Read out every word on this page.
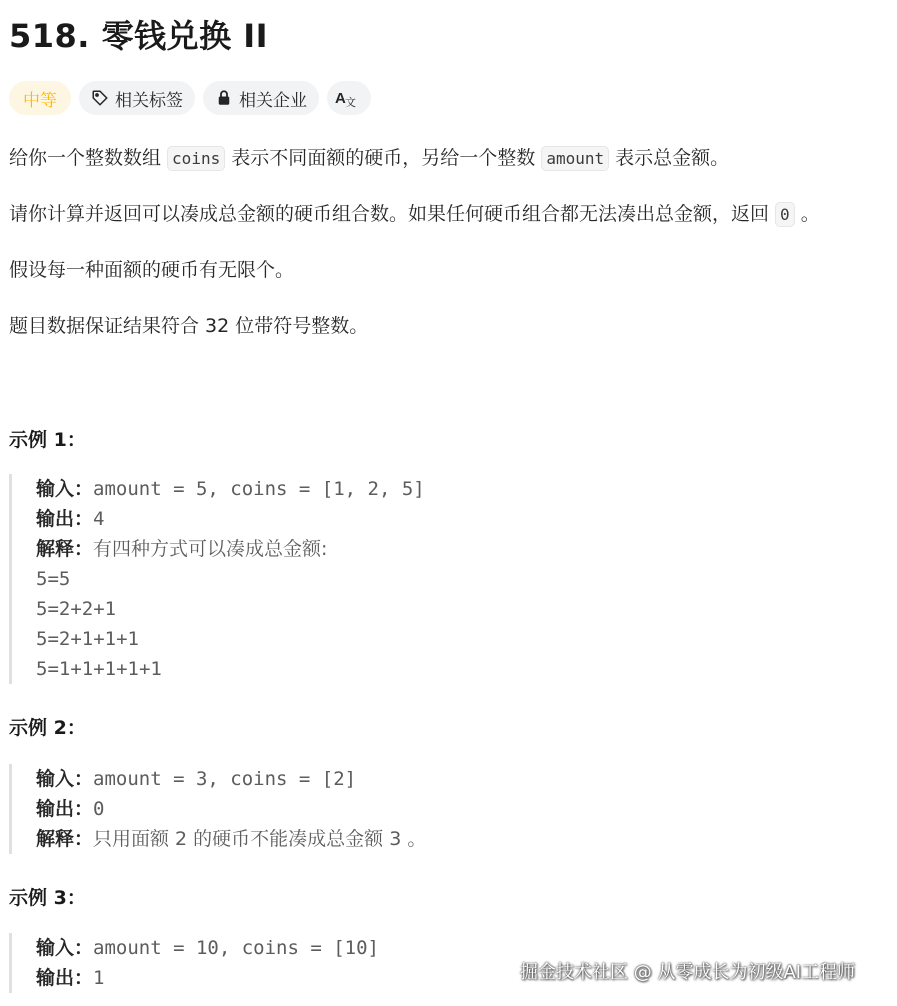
518. 零钱兑换 II
中等	相关标签	相关企业 A 文
给你一个整数数组 coins 表示不同面额的硬币，另给一个整数 amount 表示总金额。
请你计算并返回可以凑成总金额的硬币组合数。如果任何硬币组合都无法凑出总金额，返回 0 。
假设每一种面额的硬币有无限个。
题目数据保证结果符合 32 位带符号整数。
示例 1：
输入：amount = 5, coins = [1, 2, 5]
输出：4
解释：有四种方式可以凑成总金额:
5=5
5=2+2+1
5=2+1+1+1
5=1+1+1+1+1
示例 2：
输入：amount = 3, coins = [2]
输出：0
解释：只用面额 2 的硬币不能凑成总金额 3 。
示例 3：
输入：amount = 10, coins = [10]
输出：1	掘金技术社区 @ 从零成长为初级AI工程师
